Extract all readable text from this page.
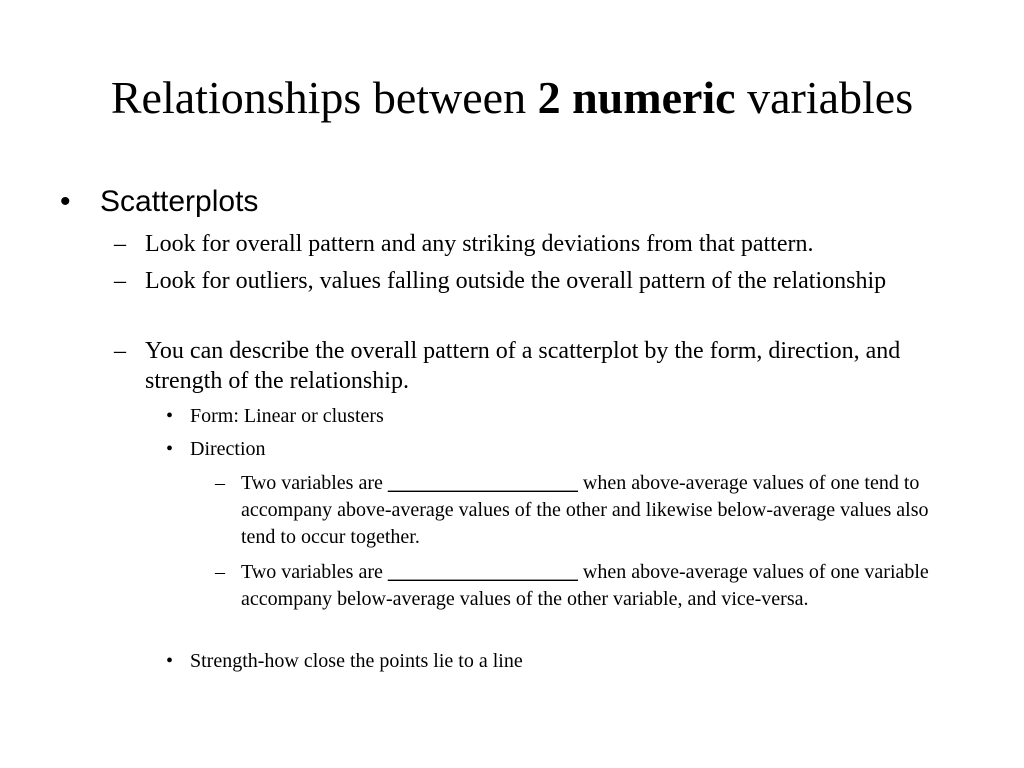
Relationships between 2 numeric variables
• Scatterplots
– Look for overall pattern and any striking deviations from that pattern.
– Look for outliers, values falling outside the overall pattern of the relationship
– You can describe the overall pattern of a scatterplot by the form, direction, and strength of the relationship.
• Form: Linear or clusters
• Direction
– Two variables are ___________________ when above-average values of one tend to accompany above-average values of the other and likewise below-average values also tend to occur together.
– Two variables are ___________________ when above-average values of one variable accompany below-average values of the other variable, and vice-versa.
• Strength-how close the points lie to a line
